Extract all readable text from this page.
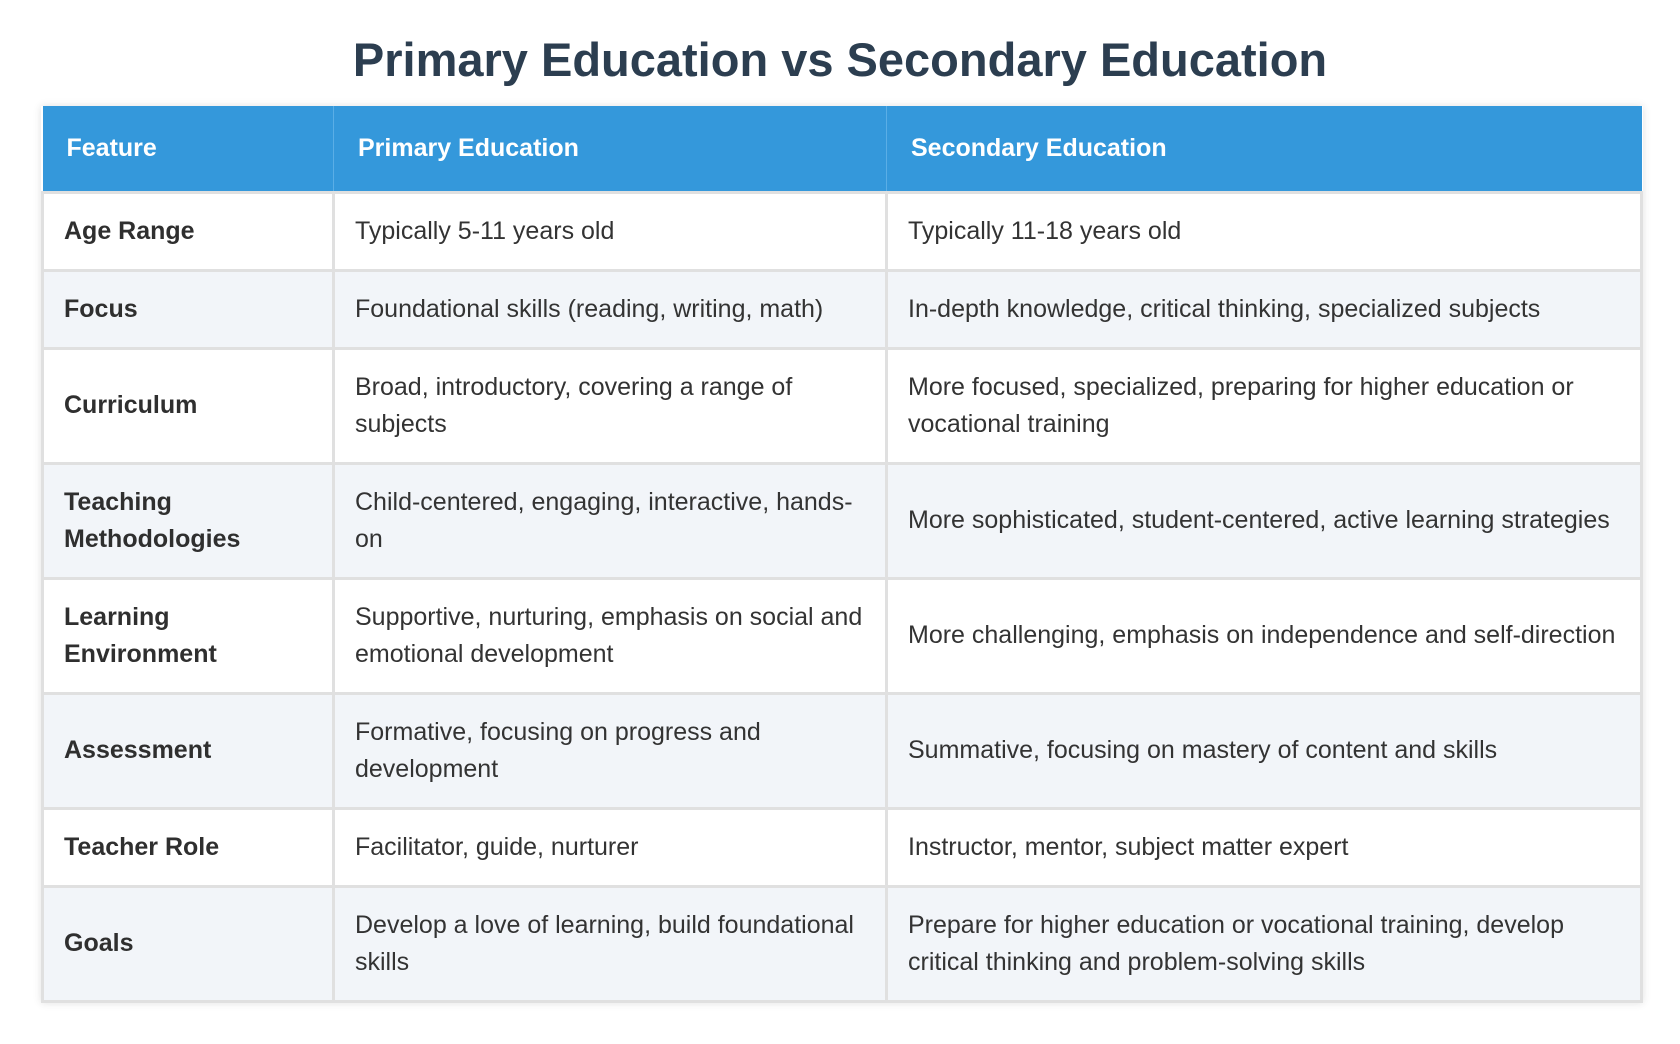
Primary Education vs Secondary Education
Feature	Primary Education	Secondary Education
Age Range	Typically 5-11 years old	Typically 11-18 years old
Focus	Foundational skills (reading, writing, math)	In-depth knowledge, critical thinking, specialized subjects
Curriculum	Broad, introductory, covering a range of subjects	More focused, specialized, preparing for higher education or vocational training
Teaching Methodologies	Child-centered, engaging, interactive, hands-on	More sophisticated, student-centered, active learning strategies
Learning Environment	Supportive, nurturing, emphasis on social and emotional development	More challenging, emphasis on independence and self-direction
Assessment	Formative, focusing on progress and development	Summative, focusing on mastery of content and skills
Teacher Role	Facilitator, guide, nurturer	Instructor, mentor, subject matter expert
Goals	Develop a love of learning, build foundational skills	Prepare for higher education or vocational training, develop critical thinking and problem-solving skills
